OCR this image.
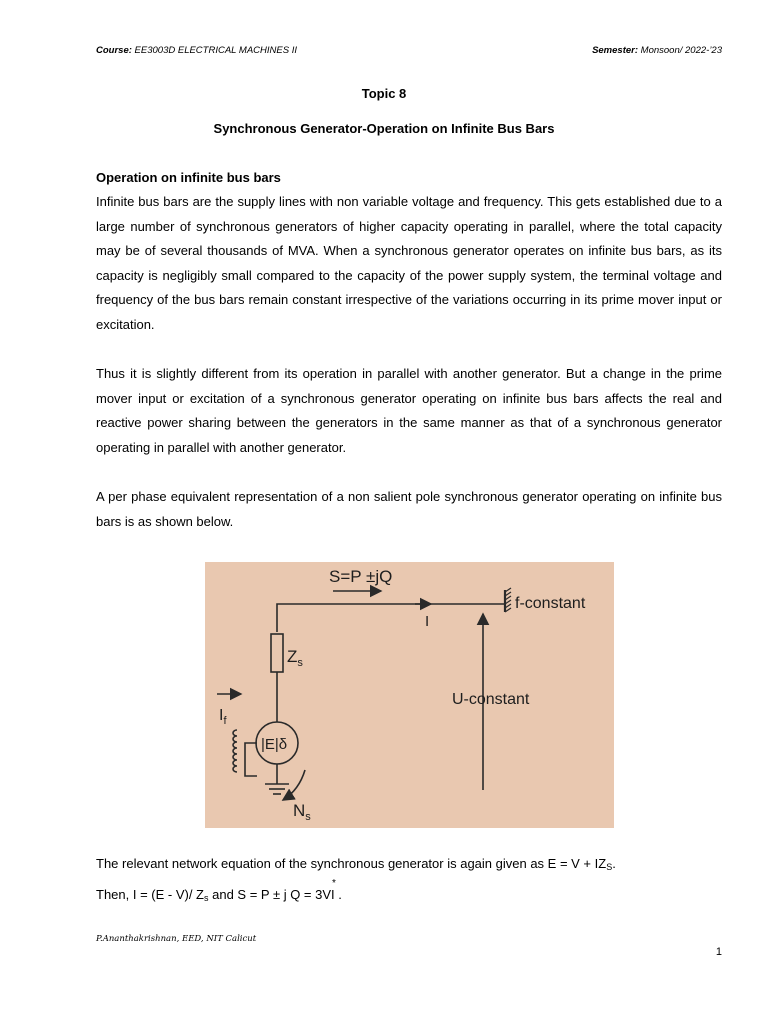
Course: EE3003D ELECTRICAL MACHINES II	Semester: Monsoon/ 2022-’23
Topic 8
Synchronous Generator-Operation on Infinite Bus Bars
Operation on infinite bus bars
Infinite bus bars are the supply lines with non variable voltage and frequency. This gets established due to a large number of synchronous generators of higher capacity operating in parallel, where the total capacity may be of several thousands of MVA. When a synchronous generator operates on infinite bus bars, as its capacity is negligibly small compared to the capacity of the power supply system, the terminal voltage and frequency of the bus bars remain constant irrespective of the variations occurring in its prime mover input or excitation.
Thus it is slightly different from its operation in parallel with another generator. But a change in the prime mover input or excitation of a synchronous generator operating on infinite bus bars affects the real and reactive power sharing between the generators in the same manner as that of a synchronous generator operating in parallel with another generator.
A per phase equivalent representation of a non salient pole synchronous generator operating on infinite bus bars is as shown below.
S=P ±jQ
I
f-constant
$Z_s$
U-constant
$I_f$
|E|δ
$N_s$
The relevant network equation of the synchronous generator is again given as $E = V + IZ_S$.
Then, I = (E - V)/ $Z_s$ and S = P ± j Q = 3VI
*
.
P.Ananthakrishnan, EED, NIT Calicut
1
